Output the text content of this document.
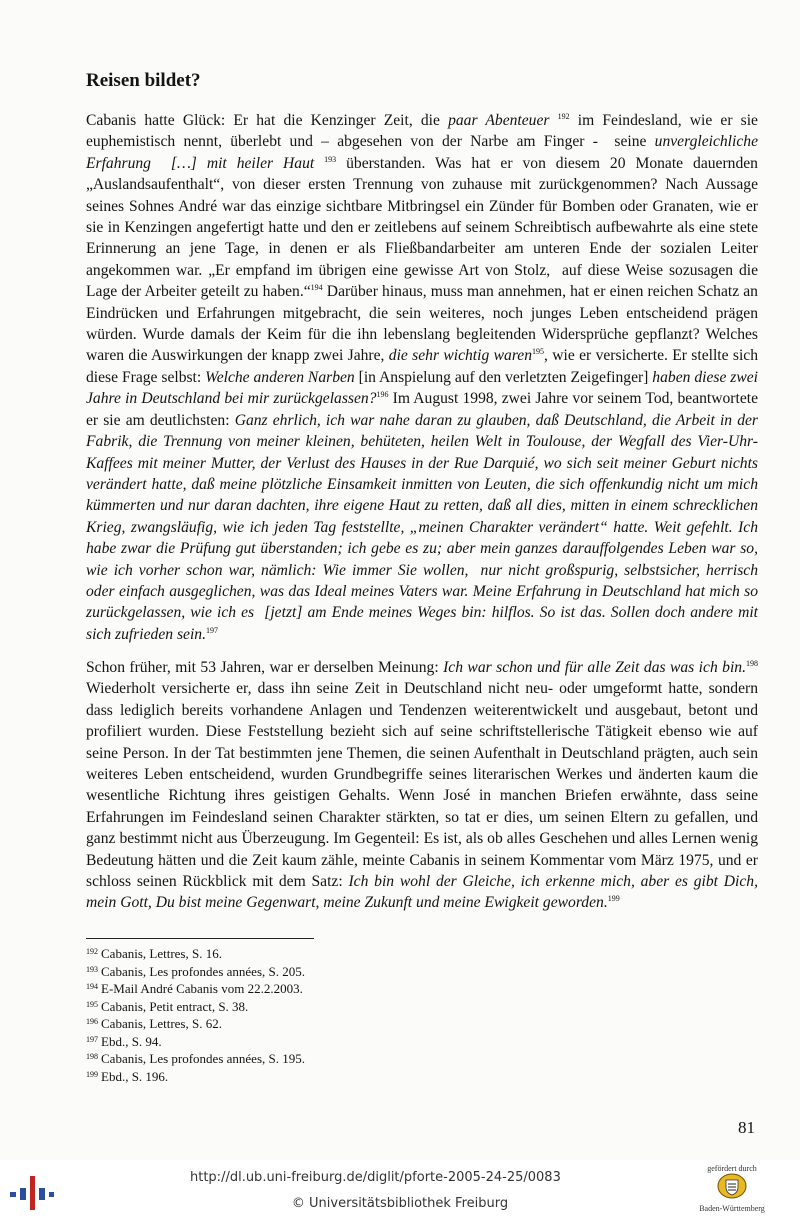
Reisen bildet?

Cabanis hatte Glück: Er hat die Kenzinger Zeit, die paar Abenteuer $^{192}$ im Feindesland, wie er sie euphemistisch nennt, überlebt und – abgesehen von der Narbe am Finger -  seine unvergleichliche Erfahrung  […] mit heiler Haut $^{193}$ überstanden. Was hat er von diesem 20 Monate dauernden „Auslandsaufenthalt“, von dieser ersten Trennung von zuhause mit zurückgenommen? Nach Aussage seines Sohnes André war das einzige sichtbare Mitbringsel ein Zünder für Bomben oder Granaten, wie er sie in Kenzingen angefertigt hatte und den er zeitlebens auf seinem Schreibtisch aufbewahrte als eine stete Erinnerung an jene Tage, in denen er als Fließbandarbeiter am unteren Ende der sozialen Leiter angekommen war. „Er empfand im übrigen eine gewisse Art von Stolz,  auf diese Weise sozusagen die Lage der Arbeiter geteilt zu haben.“$^{194}$ Darüber hinaus, muss man annehmen, hat er einen reichen Schatz an Eindrücken und Erfahrungen mitgebracht, die sein weiteres, noch junges Leben entscheidend prägen würden. Wurde damals der Keim für die ihn lebenslang begleitenden Widersprüche gepflanzt? Welches waren die Auswirkungen der knapp zwei Jahre, die sehr wichtig waren$^{195}$, wie er versicherte. Er stellte sich diese Frage selbst: Welche anderen Narben [in Anspielung auf den verletzten Zeigefinger] haben diese zwei Jahre in Deutschland bei mir zurückgelassen?$^{196}$ Im August 1998, zwei Jahre vor seinem Tod, beantwortete er sie am deutlichsten: Ganz ehrlich, ich war nahe daran zu glauben, daß Deutschland, die Arbeit in der Fabrik, die Trennung von meiner kleinen, behüteten, heilen Welt in Toulouse, der Wegfall des Vier-Uhr-Kaffees mit meiner Mutter, der Verlust des Hauses in der Rue Darquié, wo sich seit meiner Geburt nichts verändert hatte, daß meine plötzliche Einsamkeit inmitten von Leuten, die sich offenkundig nicht um mich kümmerten und nur daran dachten, ihre eigene Haut zu retten, daß all dies, mitten in einem schrecklichen Krieg, zwangsläufig, wie ich jeden Tag feststellte, „meinen Charakter verändert“ hatte. Weit gefehlt. Ich habe zwar die Prüfung gut überstanden; ich gebe es zu; aber mein ganzes darauffolgendes Leben war so, wie ich vorher schon war, nämlich: Wie immer Sie wollen,  nur nicht großspurig, selbstsicher, herrisch oder einfach ausgeglichen, was das Ideal meines Vaters war. Meine Erfahrung in Deutschland hat mich so zurückgelassen, wie ich es  [jetzt] am Ende meines Weges bin: hilflos. So ist das. Sollen doch andere mit sich zufrieden sein.$^{197}$

Schon früher, mit 53 Jahren, war er derselben Meinung: Ich war schon und für alle Zeit das was ich bin.$^{198}$ Wiederholt versicherte er, dass ihn seine Zeit in Deutschland nicht neu- oder umgeformt hatte, sondern dass lediglich bereits vorhandene Anlagen und Tendenzen weiterentwickelt und ausgebaut, betont und profiliert wurden. Diese Feststellung bezieht sich auf seine schriftstellerische Tätigkeit ebenso wie auf seine Person. In der Tat bestimmten jene Themen, die seinen Aufenthalt in Deutschland prägten, auch sein weiteres Leben entscheidend, wurden Grundbegriffe seines literarischen Werkes und änderten kaum die wesentliche Richtung ihres geistigen Gehalts. Wenn José in manchen Briefen erwähnte, dass seine Erfahrungen im Feindesland seinen Charakter stärkten, so tat er dies, um seinen Eltern zu gefallen, und ganz bestimmt nicht aus Überzeugung. Im Gegenteil: Es ist, als ob alles Geschehen und alles Lernen wenig Bedeutung hätten und die Zeit kaum zähle, meinte Cabanis in seinem Kommentar vom März 1975, und er schloss seinen Rückblick mit dem Satz: Ich bin wohl der Gleiche, ich erkenne mich, aber es gibt Dich, mein Gott, Du bist meine Gegenwart, meine Zukunft und meine Ewigkeit geworden.$^{199}$

$^{192}$ Cabanis, Lettres, S. 16.
$^{193}$ Cabanis, Les profondes années, S. 205.
$^{194}$ E-Mail André Cabanis vom 22.2.2003.
$^{195}$ Cabanis, Petit entract, S. 38.
$^{196}$ Cabanis, Lettres, S. 62.
$^{197}$ Ebd., S. 94.
$^{198}$ Cabanis, Les profondes années, S. 195.
$^{199}$ Ebd., S. 196.
81
http://dl.ub.uni-freiburg.de/diglit/pforte-2005-24-25/0083
© Universitätsbibliothek Freiburg
gefördert durch
Baden-Württemberg
